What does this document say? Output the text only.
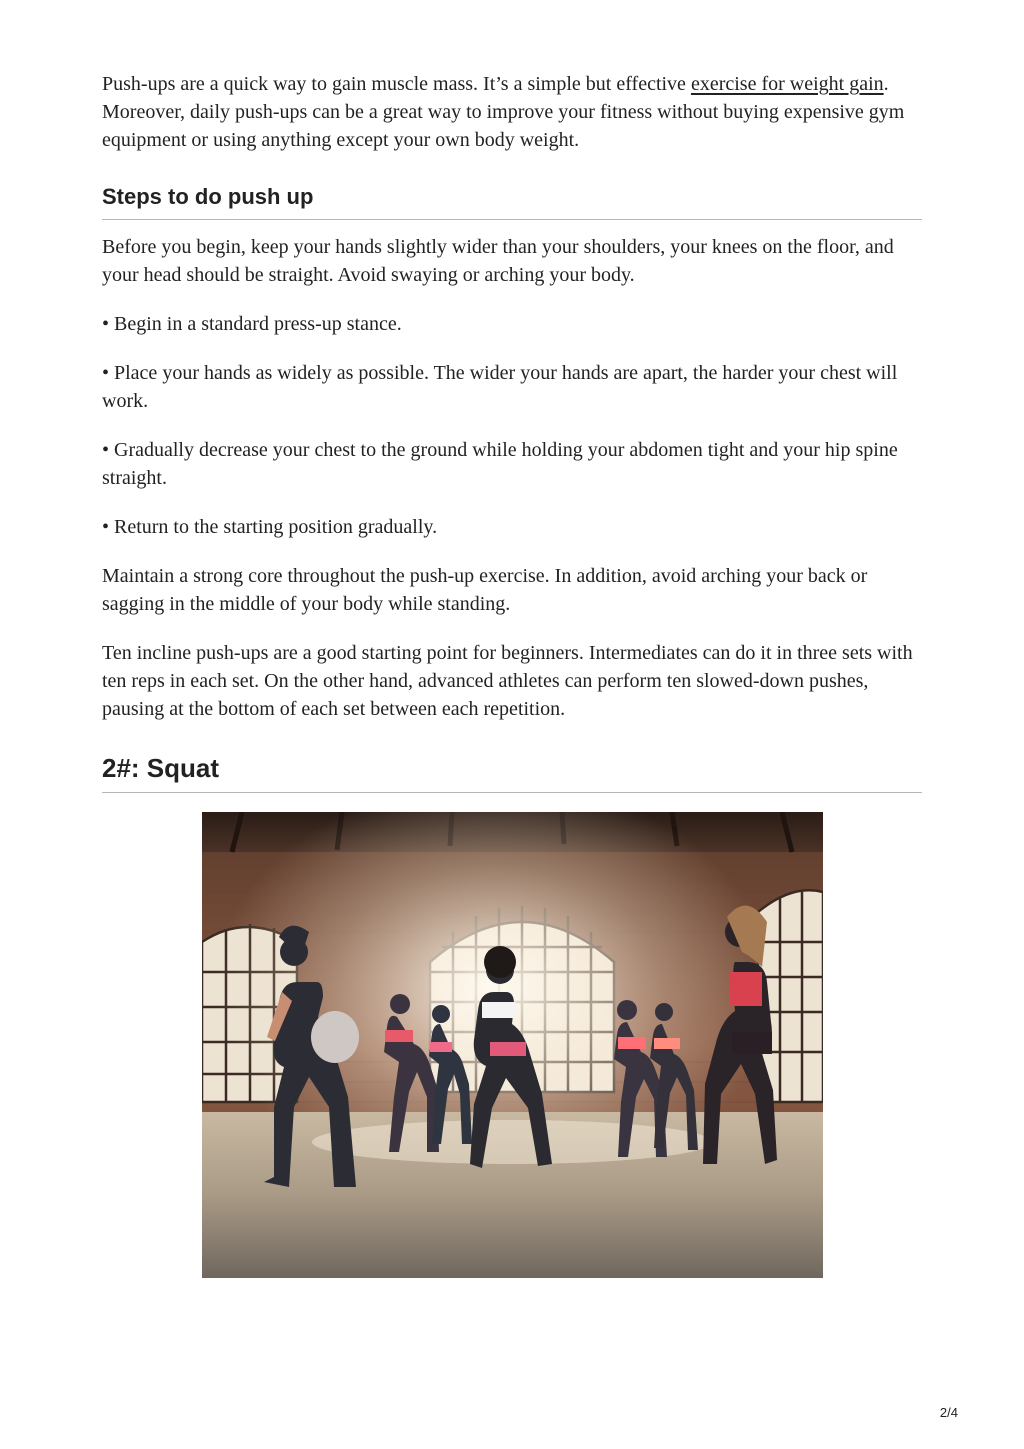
Push-ups are a quick way to gain muscle mass. It’s a simple but effective exercise for weight gain. Moreover, daily push-ups can be a great way to improve your fitness without buying expensive gym equipment or using anything except your own body weight.

Steps to do push up

Before you begin, keep your hands slightly wider than your shoulders, your knees on the floor, and your head should be straight. Avoid swaying or arching your body.

• Begin in a standard press-up stance.

• Place your hands as widely as possible. The wider your hands are apart, the harder your chest will work.

• Gradually decrease your chest to the ground while holding your abdomen tight and your hip spine straight.

• Return to the starting position gradually.

Maintain a strong core throughout the push-up exercise. In addition, avoid arching your back or sagging in the middle of your body while standing.

Ten incline push-ups are a good starting point for beginners. Intermediates can do it in three sets with ten reps in each set. On the other hand, advanced athletes can perform ten slowed-down pushes, pausing at the bottom of each set between each repetition.

2#: Squat
2/4
